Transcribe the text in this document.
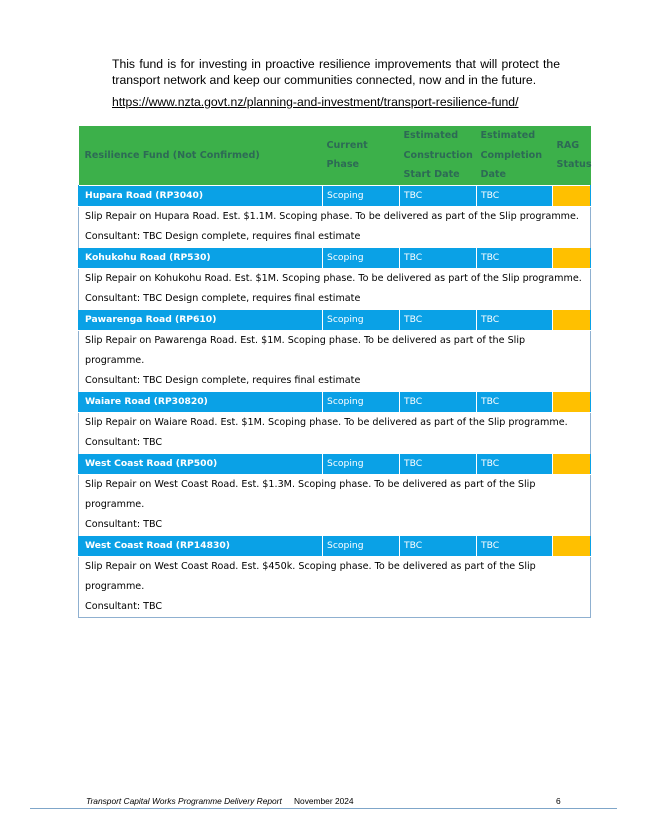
This fund is for investing in proactive resilience improvements that will protect the transport network and keep our communities connected, now and in the future.

https://www.nzta.govt.nz/planning-and-investment/transport-resilience-fund/

Resilience Fund (Not Confirmed)	Current Phase	Estimated Construction Start Date	Estimated Completion Date	RAG Status
Hupara Road (RP3040)	Scoping	TBC	TBC	

Slip Repair on Hupara Road. Est. $1.1M. Scoping phase. To be delivered as part of the Slip programme.
Consultant: TBC Design complete, requires final estimate				

Kohukohu Road (RP530)	Scoping	TBC	TBC	

Slip Repair on Kohukohu Road. Est. $1M. Scoping phase. To be delivered as part of the Slip programme.
Consultant: TBC Design complete, requires final estimate				

Pawarenga Road (RP610)	Scoping	TBC	TBC	

Slip Repair on Pawarenga Road. Est. $1M. Scoping phase. To be delivered as part of the Slip programme.
Consultant: TBC Design complete, requires final estimate				

Waiare Road (RP30820)	Scoping	TBC	TBC	

Slip Repair on Waiare Road. Est. $1M. Scoping phase. To be delivered as part of the Slip programme.
Consultant: TBC				

West Coast Road (RP500)	Scoping	TBC	TBC	

Slip Repair on West Coast Road. Est. $1.3M. Scoping phase. To be delivered as part of the Slip programme.
Consultant: TBC				

West Coast Road (RP14830)	Scoping	TBC	TBC	

Slip Repair on West Coast Road. Est. $450k. Scoping phase. To be delivered as part of the Slip programme.
Consultant: TBC				

Transport Capital Works Programme Delivery Report November 2024	6
